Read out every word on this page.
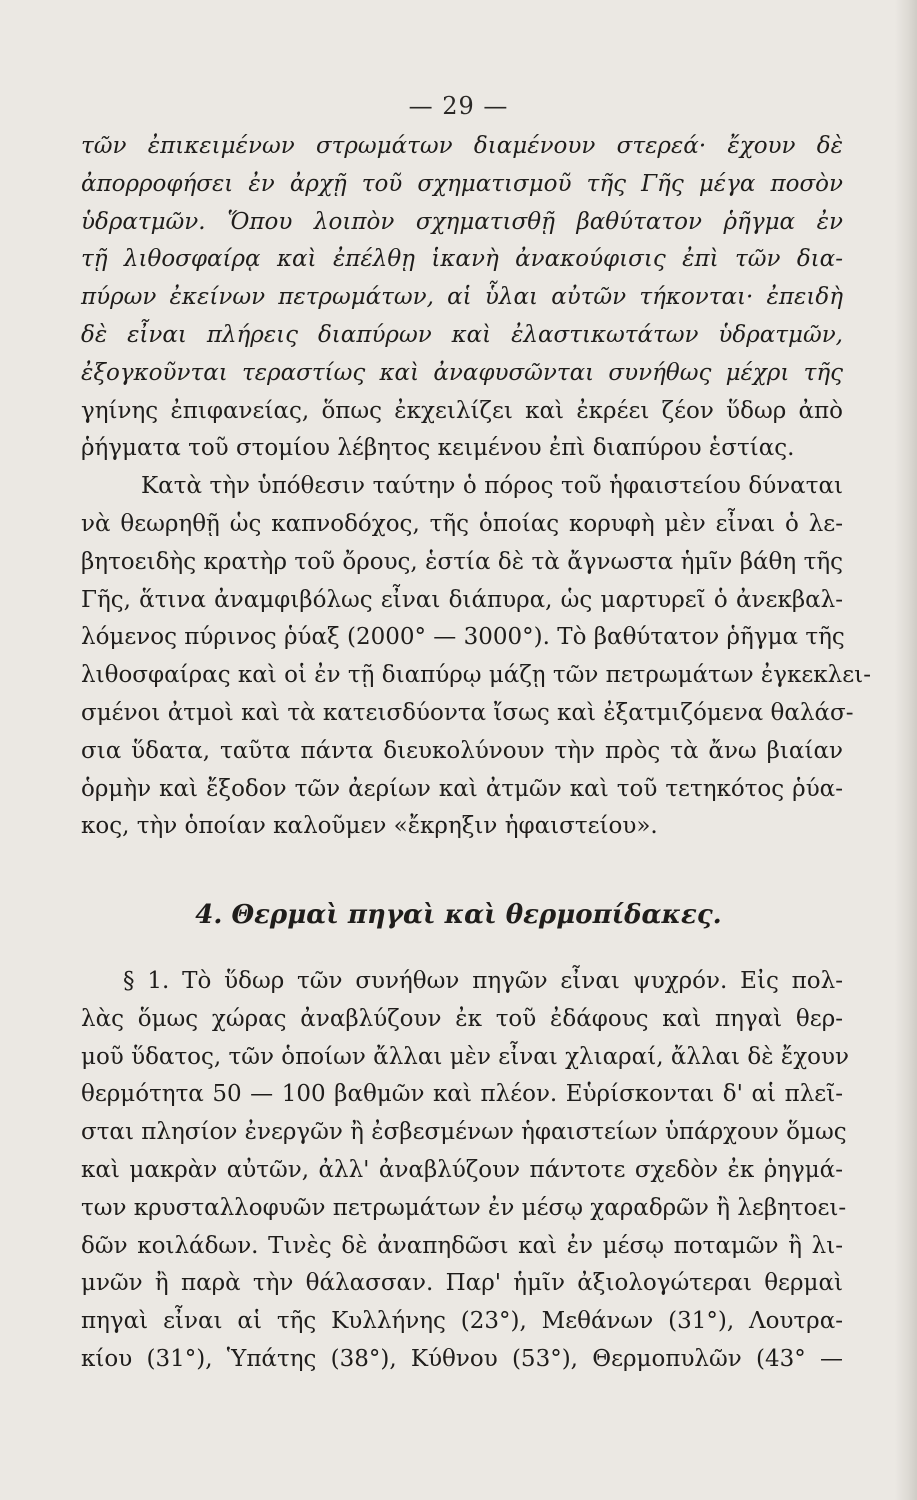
— 29 —
τῶν ἐπικειμένων στρωμάτων διαμένουν στερεά· ἔχουν δὲ
ἀπορροφήσει ἐν ἀρχῇ τοῦ σχηματισμοῦ τῆς Γῆς μέγα ποσὸν
ὑδρατμῶν. Ὅπου λοιπὸν σχηματισθῇ βαθύτατον ῥῆγμα ἐν
τῇ λιθοσφαίρᾳ καὶ ἐπέλθῃ ἱκανὴ ἀνακούφισις ἐπὶ τῶν δια-
πύρων ἐκείνων πετρωμάτων, αἱ ὗλαι αὐτῶν τήκονται· ἐπειδὴ
δὲ εἶναι πλήρεις διαπύρων καὶ ἐλαστικωτάτων ὑδρατμῶν,
ἐξογκοῦνται τεραστίως καὶ ἀναφυσῶνται συνήθως μέχρι τῆς
γηίνης ἐπιφανείας, ὅπως ἐκχειλίζει καὶ ἐκρέει ζέον ὕδωρ ἀπὸ
ῥήγματα τοῦ στομίου λέβητος κειμένου ἐπὶ διαπύρου ἑστίας.
Κατὰ τὴν ὑπόθεσιν ταύτην ὁ πόρος τοῦ ἡφαιστείου δύναται
νὰ θεωρηθῇ ὡς καπνοδόχος, τῆς ὁποίας κορυφὴ μὲν εἶναι ὁ λε-
βητοειδὴς κρατὴρ τοῦ ὄρους, ἑστία δὲ τὰ ἄγνωστα ἡμῖν βάθη τῆς
Γῆς, ἅτινα ἀναμφιβόλως εἶναι διάπυρα, ὡς μαρτυρεῖ ὁ ἀνεκβαλ-
λόμενος πύρινος ῥύαξ (2000° — 3000°). Τὸ βαθύτατον ῥῆγμα τῆς
λιθοσφαίρας καὶ οἱ ἐν τῇ διαπύρῳ μάζῃ τῶν πετρωμάτων ἐγκεκλει-
σμένοι ἀτμοὶ καὶ τὰ κατεισδύοντα ἴσως καὶ ἐξατμιζόμενα θαλάσ-
σια ὕδατα, ταῦτα πάντα διευκολύνουν τὴν πρὸς τὰ ἄνω βιαίαν
ὁρμὴν καὶ ἔξοδον τῶν ἀερίων καὶ ἀτμῶν καὶ τοῦ τετηκότος ῥύα-
κος, τὴν ὁποίαν καλοῦμεν «ἔκρηξιν ἡφαιστείου».
4. Θερμαὶ πηγαὶ καὶ θερμοπίδακες.
§ 1. Τὸ ὕδωρ τῶν συνήθων πηγῶν εἶναι ψυχρόν. Εἰς πολ-
λὰς ὅμως χώρας ἀναβλύζουν ἐκ τοῦ ἐδάφους καὶ πηγαὶ θερ-
μοῦ ὕδατος, τῶν ὁποίων ἄλλαι μὲν εἶναι χλιαραί, ἄλλαι δὲ ἔχουν
θερμότητα 50 — 100 βαθμῶν καὶ πλέον. Εὑρίσκονται δ' αἱ πλεῖ-
σται πλησίον ἐνεργῶν ἢ ἐσβεσμένων ἡφαιστείων ὑπάρχουν ὅμως
καὶ μακρὰν αὐτῶν, ἀλλ' ἀναβλύζουν πάντοτε σχεδὸν ἐκ ῥηγμά-
των κρυσταλλοφυῶν πετρωμάτων ἐν μέσῳ χαραδρῶν ἢ λεβητοει-
δῶν κοιλάδων. Τινὲς δὲ ἀναπηδῶσι καὶ ἐν μέσῳ ποταμῶν ἢ λι-
μνῶν ἢ παρὰ τὴν θάλασσαν. Παρ' ἡμῖν ἀξιολογώτεραι θερμαὶ
πηγαὶ εἶναι αἱ τῆς Κυλλήνης (23°), Μεθάνων (31°), Λουτρα-
κίου (31°), Ὑπάτης (38°), Κύθνου (53°), Θερμοπυλῶν (43° —
